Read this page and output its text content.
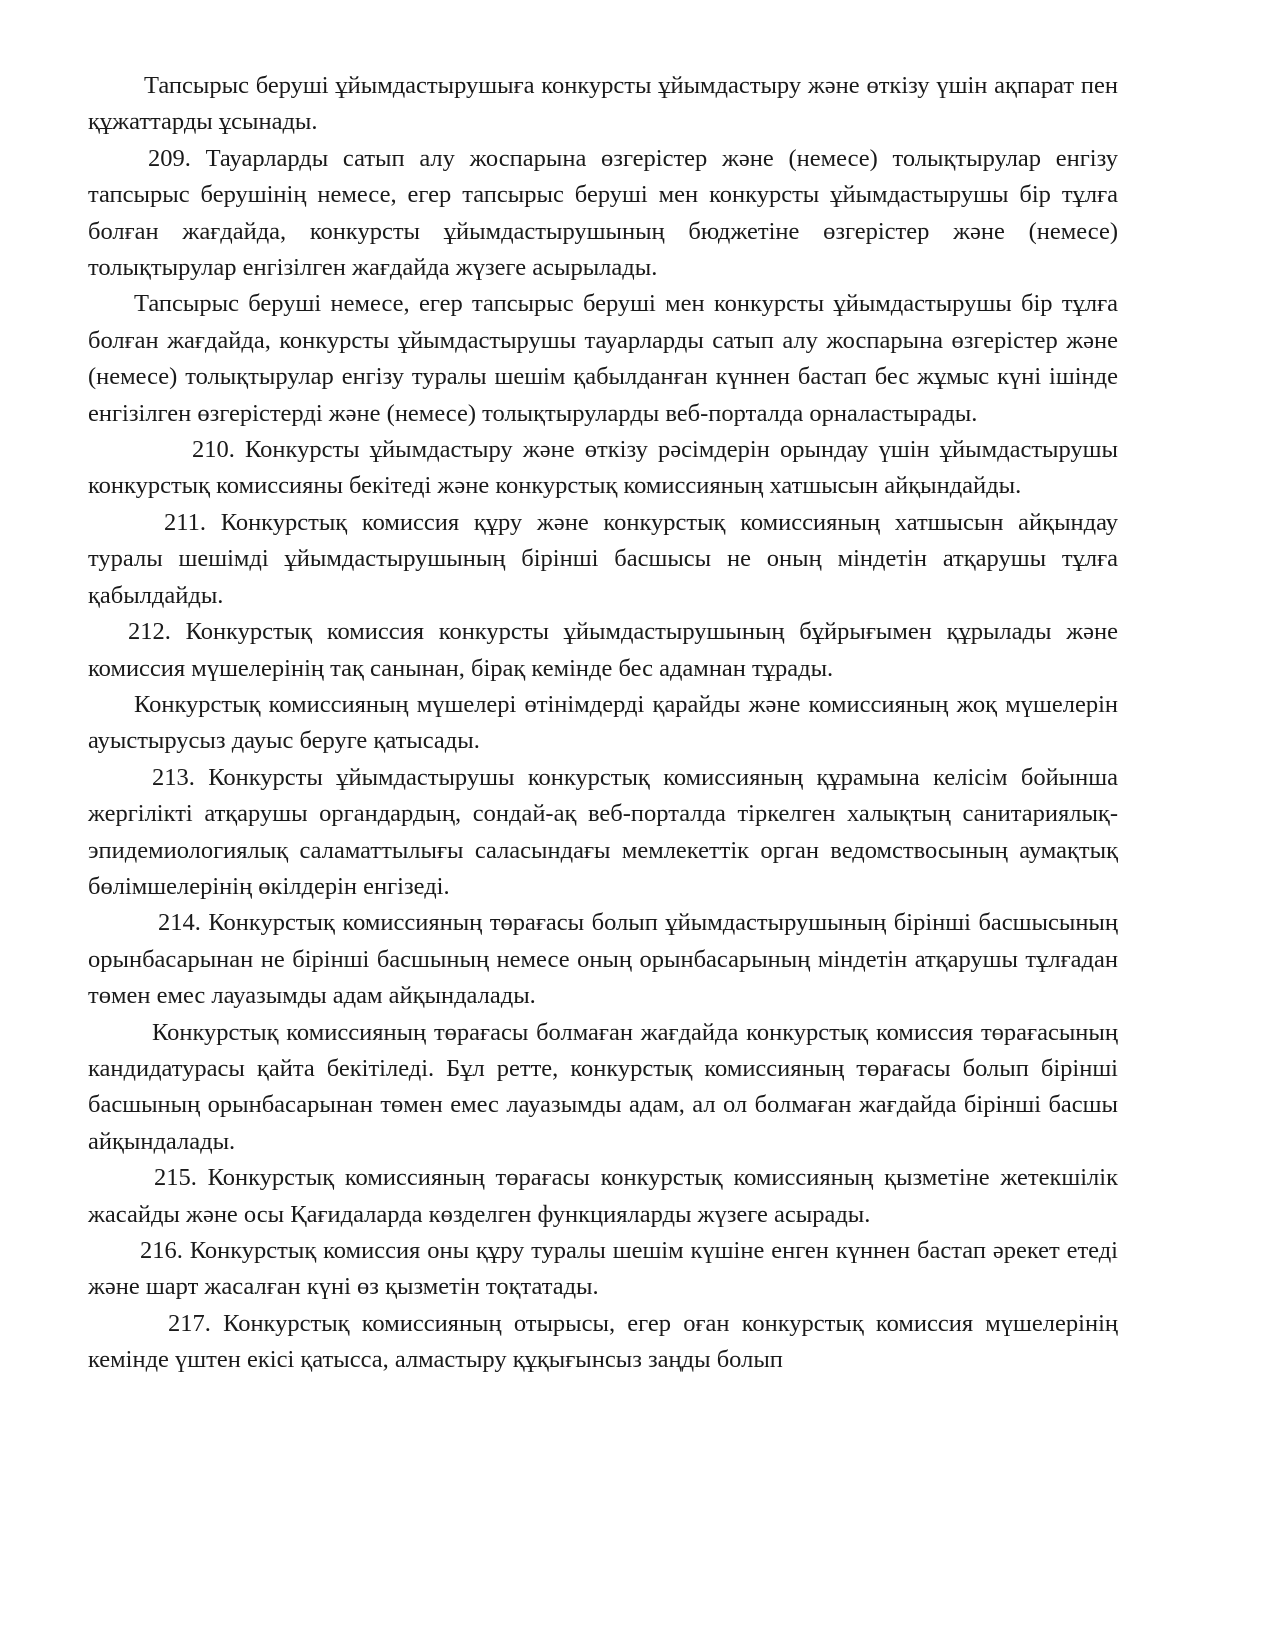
Тапсырыс беруші ұйымдастырушыға конкурсты ұйымдастыру және өткізу үшін ақпарат пен құжаттарды ұсынады.

209. Тауарларды сатып алу жоспарына өзгерістер және (немесе) толықтырулар енгізу тапсырыс берушінің немесе, егер тапсырыс беруші мен конкурсты ұйымдастырушы бір тұлға болған жағдайда, конкурсты ұйымдастырушының бюджетіне өзгерістер және (немесе) толықтырулар енгізілген жағдайда жүзеге асырылады.

Тапсырыс беруші немесе, егер тапсырыс беруші мен конкурсты ұйымдастырушы бір тұлға болған жағдайда, конкурсты ұйымдастырушы тауарларды сатып алу жоспарына өзгерістер және (немесе) толықтырулар енгізу туралы шешім қабылданған күннен бастап бес жұмыс күні ішінде енгізілген өзгерістерді және (немесе) толықтыруларды веб-порталда орналастырады.

210. Конкурсты ұйымдастыру және өткізу рәсімдерін орындау үшін ұйымдастырушы конкурстық комиссияны бекітеді және конкурстық комиссияның хатшысын айқындайды.

211. Конкурстық комиссия құру және конкурстық комиссияның хатшысын айқындау туралы шешімді ұйымдастырушының бірінші басшысы не оның міндетін атқарушы тұлға қабылдайды.

212. Конкурстық комиссия конкурсты ұйымдастырушының бұйрығымен құрылады және комиссия мүшелерінің тақ санынан, бірақ кемінде бес адамнан тұрады.

Конкурстық комиссияның мүшелері өтінімдерді қарайды және комиссияның жоқ мүшелерін ауыстырусыз дауыс беруге қатысады.

213. Конкурсты ұйымдастырушы конкурстық комиссияның құрамына келісім бойынша жергілікті атқарушы органдардың, сондай-ақ веб-порталда тіркелген халықтың санитариялық-эпидемиологиялық саламаттылығы саласындағы мемлекеттік орган ведомствосының аумақтық бөлімшелерінің өкілдерін енгізеді.

214. Конкурстық комиссияның төрағасы болып ұйымдастырушының бірінші басшысының орынбасарынан не бірінші басшының немесе оның орынбасарының міндетін атқарушы тұлғадан төмен емес лауазымды адам айқындалады.

Конкурстық комиссияның төрағасы болмаған жағдайда конкурстық комиссия төрағасының кандидатурасы қайта бекітіледі. Бұл ретте, конкурстық комиссияның төрағасы болып бірінші басшының орынбасарынан төмен емес лауазымды адам, ал ол болмаған жағдайда бірінші басшы айқындалады.

215. Конкурстық комиссияның төрағасы конкурстық комиссияның қызметіне жетекшілік жасайды және осы Қағидаларда көзделген функцияларды жүзеге асырады.

216. Конкурстық комиссия оны құру туралы шешім күшіне енген күннен бастап әрекет етеді және шарт жасалған күні өз қызметін тоқтатады.

217. Конкурстық комиссияның отырысы, егер оған конкурстық комиссия мүшелерінің кемінде үштен екісі қатысса, алмастыру құқығынсыз заңды болып
